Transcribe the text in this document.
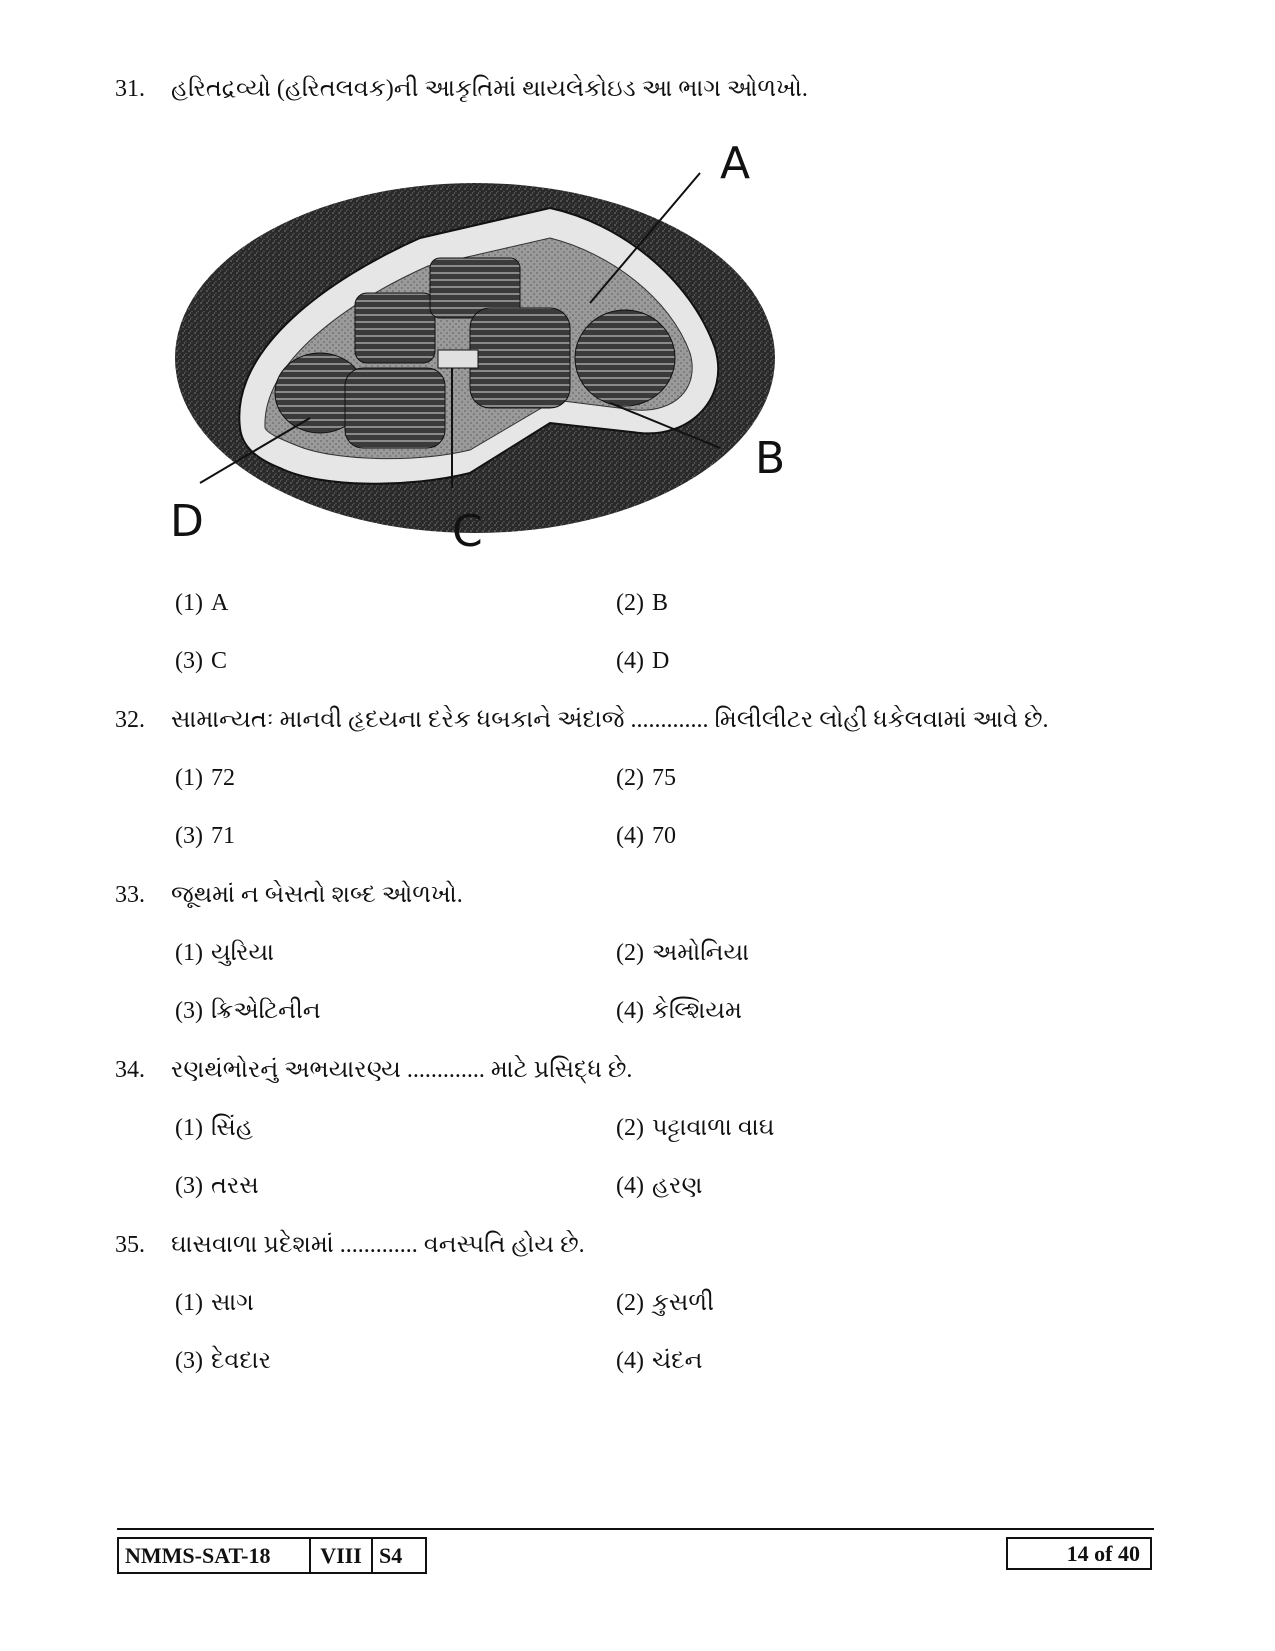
31. હરિતદ્રવ્યો (હરિતલવક)ની આકૃતિમાં થાયલેકોઇડ આ ભાગ ઓળખો.
A
B
C
D
(1) A	(2) B
(3) C	(4) D
32. સામાન્યતઃ માનવી હૃદયના દરેક ધબકાને અંદાજે ............. મિલીલીટર લોહી ધકેલવામાં આવે છે.
(1) 72	(2) 75
(3) 71	(4) 70
33. જૂથમાં ન બેસતો શબ્દ ઓળખો.
(1) યુરિયા	(2) અમોનિયા
(3) ક્રિએટિનીન	(4) કેલ્શિયમ
34. રણથંભોરનું અભયારણ્ય ............. માટે પ્રસિદ્ધ છે.
(1) સિંહ	(2) પટ્ટાવાળા વાઘ
(3) તરસ	(4) હરણ
35. ઘાસવાળા પ્રદેશમાં ............. વનસ્પતિ હોય છે.
(1) સાગ	(2) કુસળી
(3) દેવદાર	(4) ચંદન
NMMS-SAT-18	VIII S4	14 of 40
